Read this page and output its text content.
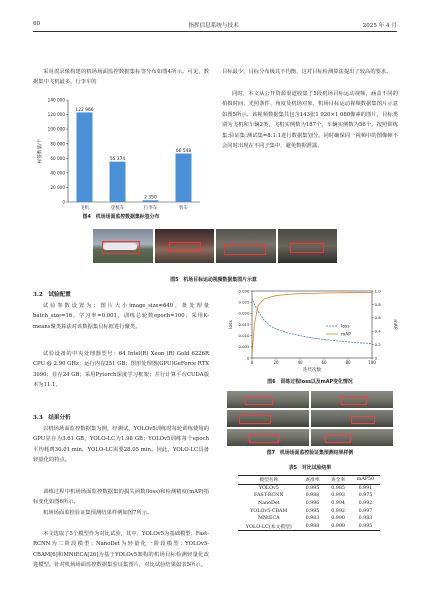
60	指挥信息系统与技术	2025 年 4 月
采用诶录像构建的机场场面监控数据集标签分布如图4所示。可见，数据集中飞机最多，行李车的
0
20 000
40 000
60 000
80 000
100 000
120 000
140 000
标签数量/个
122 966
飞机
55 374
登机车
2 350
行李车
66 548
客车
图4　机场场面监控数据集标签分布
目标最少，目标分布极其不均衡，这对目标检测算法提出了较高的要求。
同时，本文从公开资源渠道收集了5段机场目标运动视频，涵盖不同的拍摄时间、光照条件、角度及机场对象，机场目标运动视频数据集图片示意如图5所示。该视频数据集共包含143张1 920×1 080像素的图片，目标类别为飞机和车辆2类，飞机实例数为187个，车辆实例数为56个。按照训练集:验证集:测试集=8:1:1进行数据集划分，同时确保同一视频中的图像帧不会同时出现在不同子集中，避免数据泄露。
图5　机场目标运动视频数据集图片示意
3.2　试验配置
试验参数设置为：图片大小image_size=640，批处理量batch_size=16，学习率=0.001，训练总轮数epoch=100，采用K-means聚类算法对该数据集目标框进行聚类。
试验设备的中央处理器型号：64 Intel(R) Xeon (R) Gold 6226R CPU @ 2.90 GHz；运行内存251 GB；图形处理器(GPU)GeForce RTX 3090；显存24 GB；采用Pytorch深度学习框架；并行计算平台CUDA版本为11.1。
3.3　结果分析
以机场场面监控数据集为例，经测试，YOLOv5训练时每轮训练使用的GPU显存为3.61 GB，YOLO-LC为1.98 GB；YOLOv5训练每个epoch平均耗费30.01 min，YOLO-LC需要28.05 min。因此，YOLO-LC具备轻量化的特点。
训练过程中机场场面监控数据集的损失函数(loss)和检测精度(mAP)指标变化如图6所示。
机场场面监控验证集预测结果样例如图7所示。
本文选取了5个模型作为对比试验，其中，YOLOv5为基础模型；Fast-RCNN为二阶段模型；NanoDet为轻量化一阶段模型；YOLOv5-CBAM[6]和MNtECA[26]为基于YOLOv5架构的机场目标检测轻量化改进模型。针对机场场面监控数据集验证集图片，对比试验结果如表5所示。
0	20	40	60	80	100
0
0.005
0.010
0.015
0.020
0.025
0.030
0
0.2
0.4
0.6
0.8
1.0
迭代次数
loss	mAP
loss
mAP
图6　训练过程loss以及mAP变化情况
图7　机场场面监控验证集预测结果样例
表5　对比试验结果
模型名称	查准率	查全率	mAP50
YOLOv5	0.995	0.985	0.991
FAST-RCNN	0.988	0.993	0.975
NanoDet	0.996	0.994	0.992
YOLOv5-CBAM	0.995	0.992	0.997
MNtECA	0.983	0.990	0.983
YOLO-LC(本文模型)	0.998	0.999	0.995
